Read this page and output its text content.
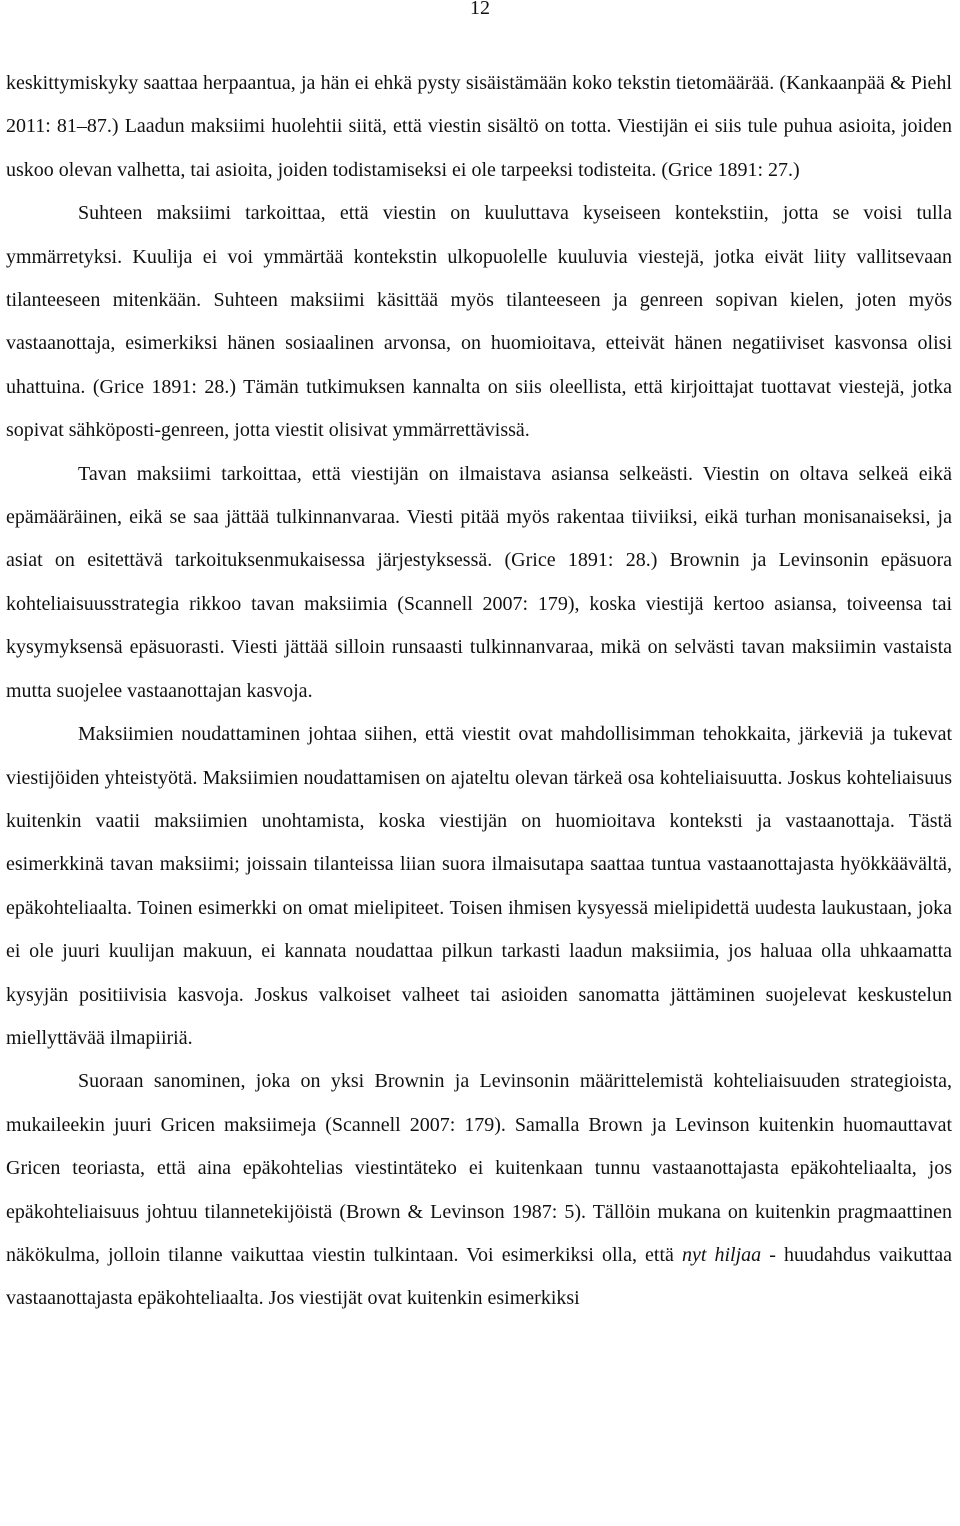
12

keskittymiskyky saattaa herpaantua, ja hän ei ehkä pysty sisäistämään koko tekstin tietomäärää. (Kankaanpää & Piehl 2011: 81–87.) Laadun maksiimi huolehtii siitä, että viestin sisältö on totta. Viestijän ei siis tule puhua asioita, joiden uskoo olevan valhetta, tai asioita, joiden todistamiseksi ei ole tarpeeksi todisteita. (Grice 1891: 27.)

Suhteen maksiimi tarkoittaa, että viestin on kuuluttava kyseiseen kontekstiin, jotta se voisi tulla ymmärretyksi. Kuulija ei voi ymmärtää kontekstin ulkopuolelle kuuluvia viestejä, jotka eivät liity vallitsevaan tilanteeseen mitenkään. Suhteen maksiimi käsittää myös tilanteeseen ja genreen sopivan kielen, joten myös vastaanottaja, esimerkiksi hänen sosiaalinen arvonsa, on huomioitava, etteivät hänen negatiiviset kasvonsa olisi uhattuina. (Grice 1891: 28.) Tämän tutkimuksen kannalta on siis oleellista, että kirjoittajat tuottavat viestejä, jotka sopivat sähköposti-genreen, jotta viestit olisivat ymmärrettävissä.

Tavan maksiimi tarkoittaa, että viestijän on ilmaistava asiansa selkeästi. Viestin on oltava selkeä eikä epämääräinen, eikä se saa jättää tulkinnanvaraa. Viesti pitää myös rakentaa tiiviiksi, eikä turhan monisanaiseksi, ja asiat on esitettävä tarkoituksenmukaisessa järjestyksessä. (Grice 1891: 28.) Brownin ja Levinsonin epäsuora kohteliaisuusstrategia rikkoo tavan maksiimia (Scannell 2007: 179), koska viestijä kertoo asiansa, toiveensa tai kysymyksensä epäsuorasti. Viesti jättää silloin runsaasti tulkinnanvaraa, mikä on selvästi tavan maksiimin vastaista mutta suojelee vastaanottajan kasvoja.

Maksiimien noudattaminen johtaa siihen, että viestit ovat mahdollisimman tehokkaita, järkeviä ja tukevat viestijöiden yhteistyötä. Maksiimien noudattamisen on ajateltu olevan tärkeä osa kohteliaisuutta. Joskus kohteliaisuus kuitenkin vaatii maksiimien unohtamista, koska viestijän on huomioitava konteksti ja vastaanottaja. Tästä esimerkkinä tavan maksiimi; joissain tilanteissa liian suora ilmaisutapa saattaa tuntua vastaanottajasta hyökkäävältä, epäkohteliaalta. Toinen esimerkki on omat mielipiteet. Toisen ihmisen kysyessä mielipidettä uudesta laukustaan, joka ei ole juuri kuulijan makuun, ei kannata noudattaa pilkun tarkasti laadun maksiimia, jos haluaa olla uhkaamatta kysyjän positiivisia kasvoja. Joskus valkoiset valheet tai asioiden sanomatta jättäminen suojelevat keskustelun miellyttävää ilmapiiriä.

Suoraan sanominen, joka on yksi Brownin ja Levinsonin määrittelemistä kohteliaisuuden strategioista, mukaileekin juuri Gricen maksiimeja (Scannell 2007: 179). Samalla Brown ja Levinson kuitenkin huomauttavat Gricen teoriasta, että aina epäkohtelias viestintäteko ei kuitenkaan tunnu vastaanottajasta epäkohteliaalta, jos epäkohteliaisuus johtuu tilannetekijöistä (Brown & Levinson 1987: 5). Tällöin mukana on kuitenkin pragmaattinen näkökulma, jolloin tilanne vaikuttaa viestin tulkintaan. Voi esimerkiksi olla, että nyt hiljaa - huudahdus vaikuttaa vastaanottajasta epäkohteliaalta. Jos viestijät ovat kuitenkin esimerkiksi
